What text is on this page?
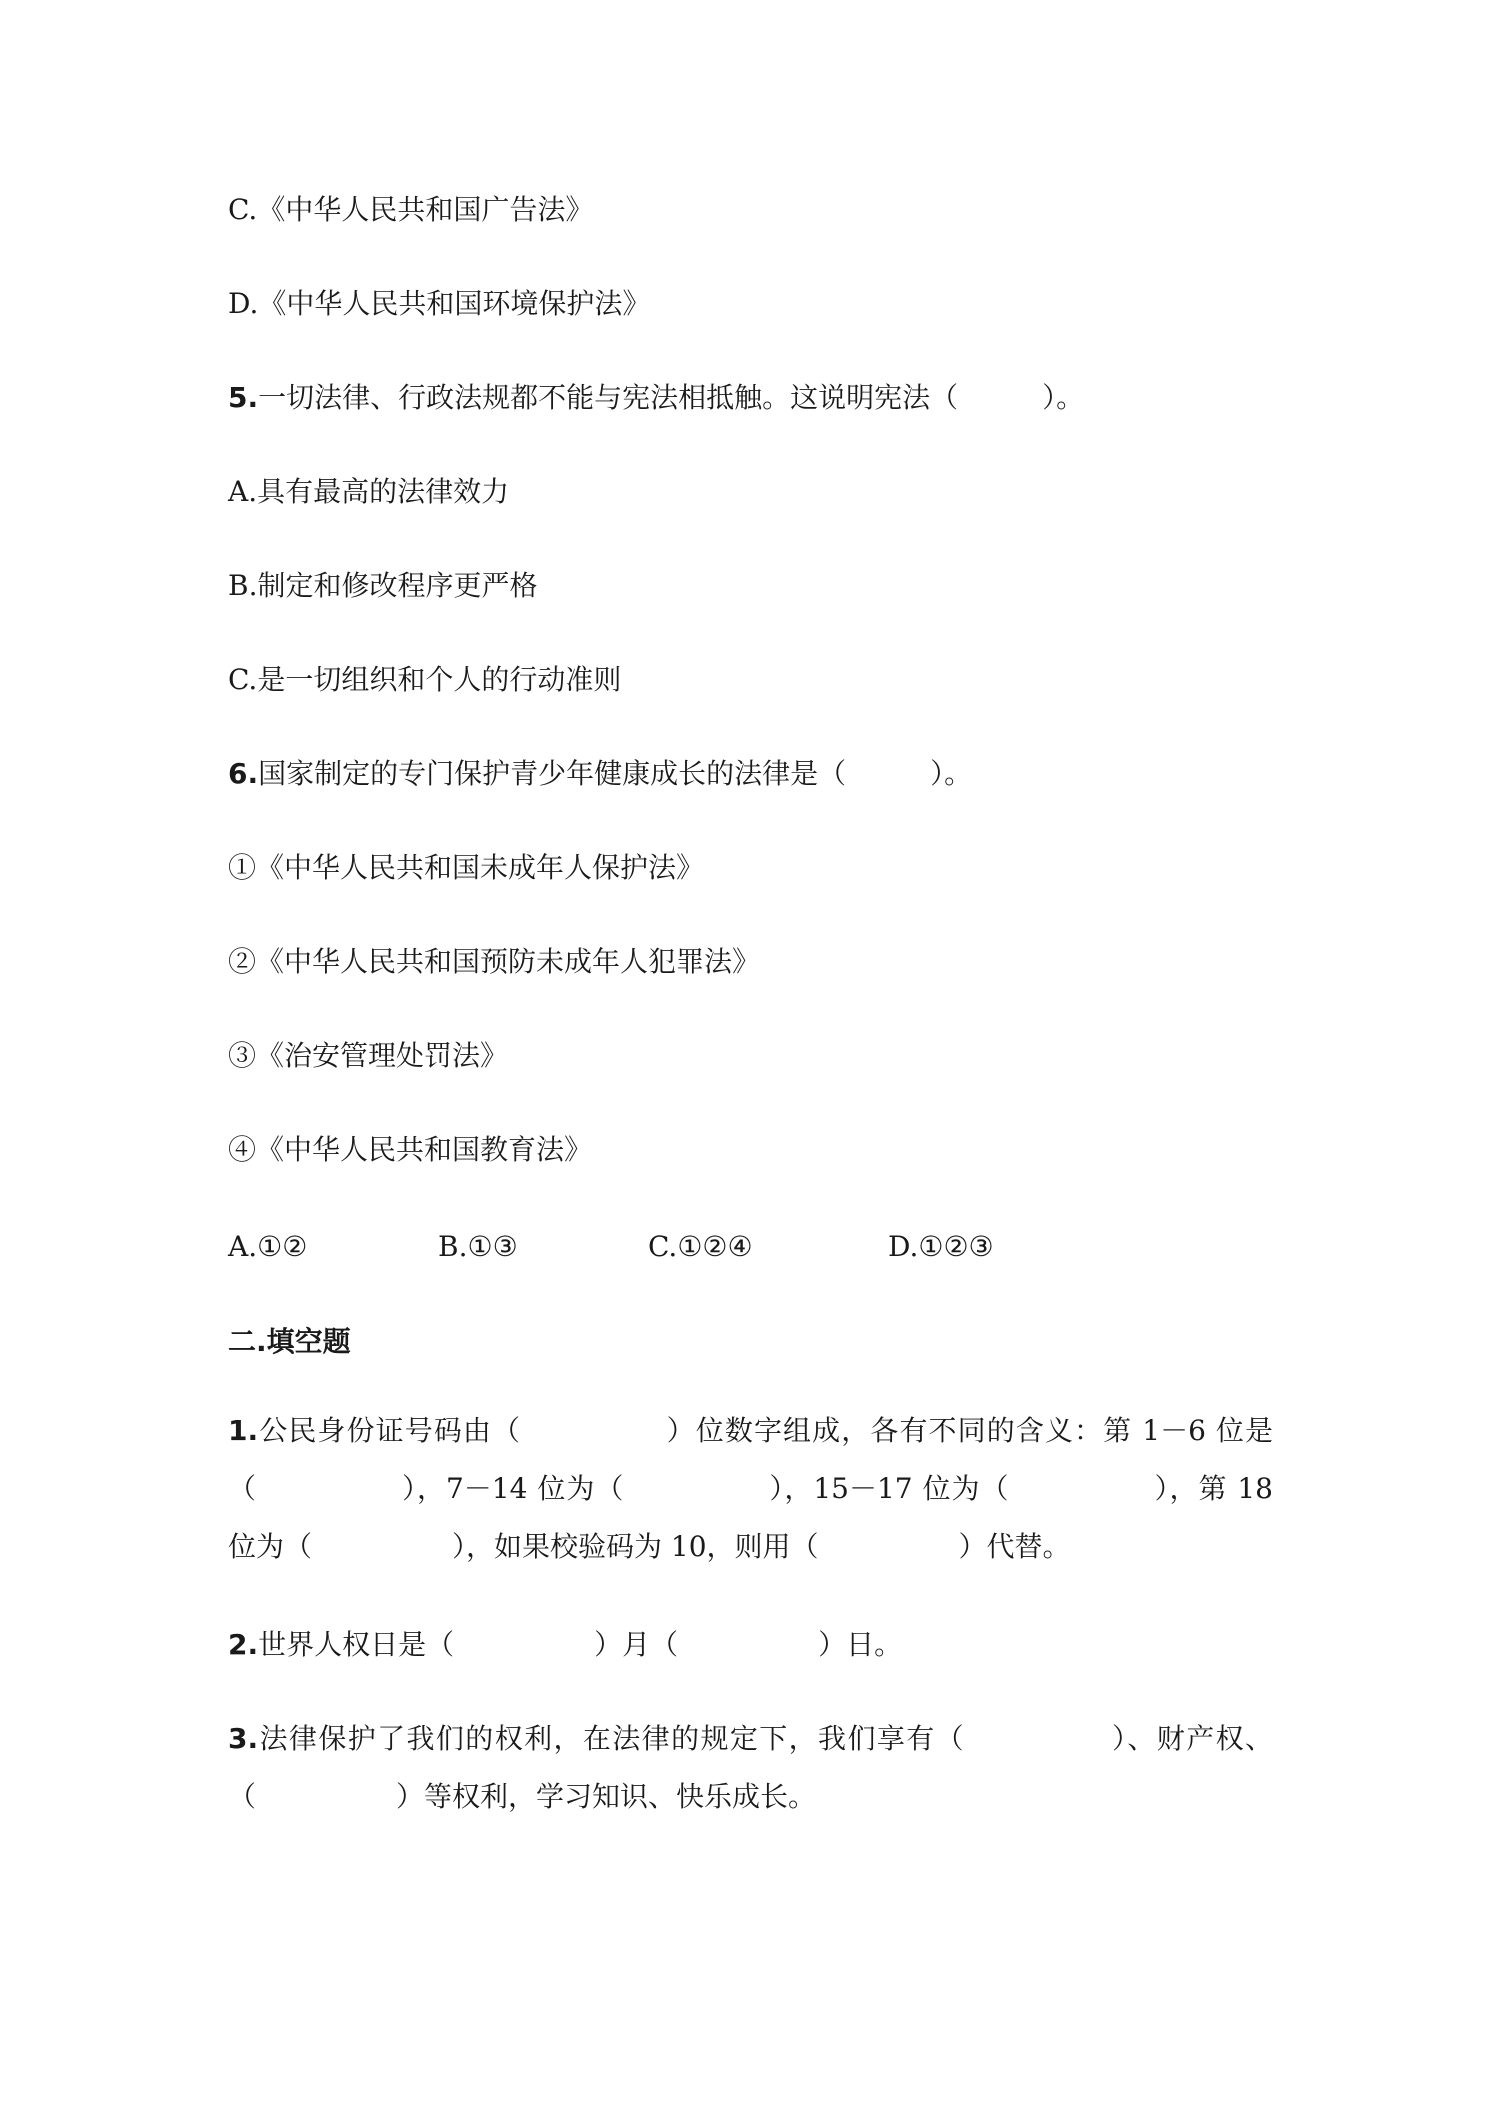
C.《中华人民共和国广告法》

D.《中华人民共和国环境保护法》

5.一切法律、行政法规都不能与宪法相抵触。这说明宪法（　　　）。

A.具有最高的法律效力

B.制定和修改程序更严格

C.是一切组织和个人的行动准则

6.国家制定的专门保护青少年健康成长的法律是（　　　）。

①《中华人民共和国未成年人保护法》

②《中华人民共和国预防未成年人犯罪法》

③《治安管理处罚法》

④《中华人民共和国教育法》

A.①②	B.①③	C.①②④	D.①②③

二.填空题

1.公民身份证号码由（　　　　　）位数字组成，各有不同的含义：第 1－6 位是（　　　　　），7－14 位为（　　　　　），15－17 位为（　　　　　），第 18 位为（　　　　　），如果校验码为 10，则用（　　　　　）代替。
2.世界人权日是（　　　　　）月（　　　　　）日。
3.法律保护了我们的权利，在法律的规定下，我们享有（　　　　　）、财产权、（　　　　　）等权利，学习知识、快乐成长。
